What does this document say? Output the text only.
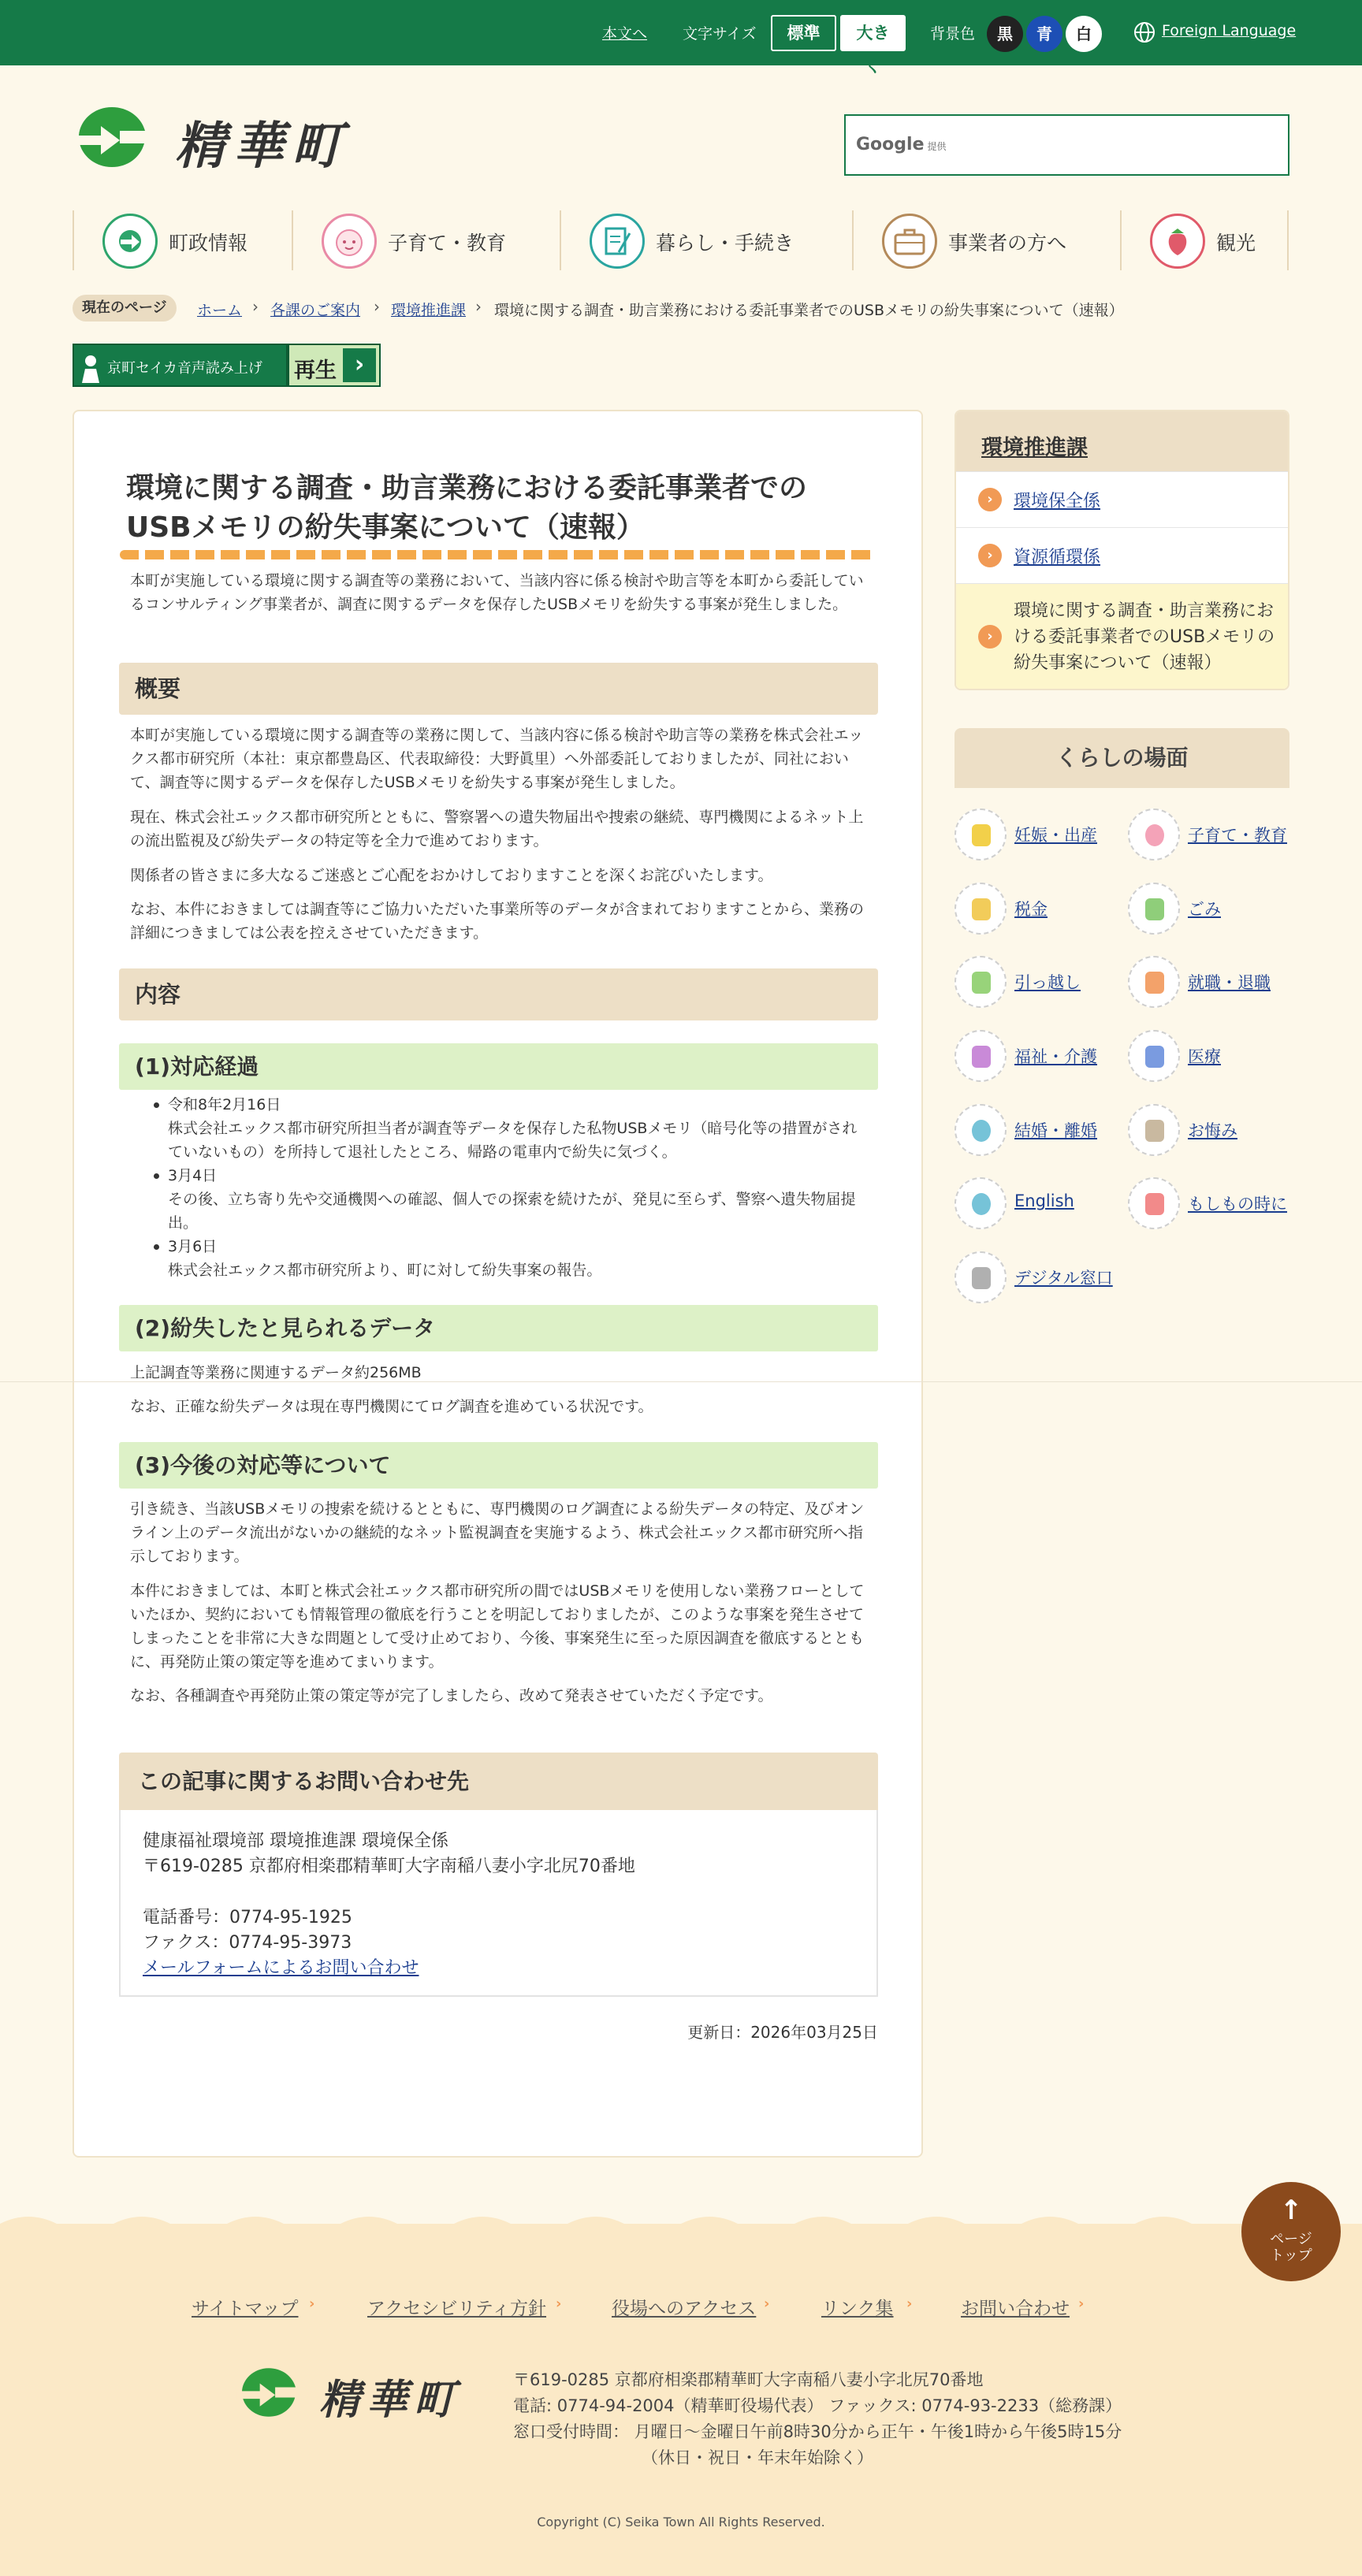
本文へ 文字サイズ	標準	大きく
背景色	黒	青	白	Foreign Language
精華町	Google 提供
町政情報	子育て・教育	暮らし・手続き	事業者の方へ	観光
現在のページ	ホーム › 各課のご案内 › 環境推進課 › 環境に関する調査・助言業務における委託事業者でのUSBメモリの紛失事案について（速報）
京町セイカ音声読み上げ 再生 ›
環境に関する調査・助言業務における委託事業者でのUSBメモリの紛失事案について（速報）

本町が実施している環境に関する調査等の業務において、当該内容に係る検討や助言等を本町から委託しているコンサルティング事業者が、調査に関するデータを保存したUSBメモリを紛失する事案が発生しました。

概要

本町が実施している環境に関する調査等の業務に関して、当該内容に係る検討や助言等の業務を株式会社エックス都市研究所（本社：東京都豊島区、代表取締役：大野眞里）へ外部委託しておりましたが、同社において、調査等に関するデータを保存したUSBメモリを紛失する事案が発生しました。

現在、株式会社エックス都市研究所とともに、警察署への遺失物届出や捜索の継続、専門機関によるネット上の流出監視及び紛失データの特定等を全力で進めております。

関係者の皆さまに多大なるご迷惑とご心配をおかけしておりますことを深くお詫びいたします。

なお、本件におきましては調査等にご協力いただいた事業所等のデータが含まれておりますことから、業務の詳細につきましては公表を控えさせていただきます。

内容
(1)対応経過
令和8年2月16日
株式会社エックス都市研究所担当者が調査等データを保存した私物USBメモリ（暗号化等の措置がされていないもの）を所持して退社したところ、帰路の電車内で紛失に気づく。
3月4日
その後、立ち寄り先や交通機関への確認、個人での探索を続けたが、発見に至らず、警察へ遺失物届提出。
3月6日
株式会社エックス都市研究所より、町に対して紛失事案の報告。
(2)紛失したと見られるデータ

上記調査等業務に関連するデータ約256MB

なお、正確な紛失データは現在専門機関にてログ調査を進めている状況です。

(3)今後の対応等について

引き続き、当該USBメモリの捜索を続けるとともに、専門機関のログ調査による紛失データの特定、及びオンライン上のデータ流出がないかの継続的なネット監視調査を実施するよう、株式会社エックス都市研究所へ指示しております。

本件におきましては、本町と株式会社エックス都市研究所の間ではUSBメモリを使用しない業務フローとしていたほか、契約においても情報管理の徹底を行うことを明記しておりましたが、このような事案を発生させてしまったことを非常に大きな問題として受け止めており、今後、事案発生に至った原因調査を徹底するとともに、再発防止策の策定等を進めてまいります。

なお、各種調査や再発防止策の策定等が完了しましたら、改めて発表させていただく予定です。

この記事に関するお問い合わせ先
健康福祉環境部 環境推進課 環境保全係
〒619-0285 京都府相楽郡精華町大字南稲八妻小字北尻70番地
電話番号：0774-95-1925
ファクス：0774-95-3973
メールフォームによるお問い合わせ
更新日：2026年03月25日
環境推進課
›	環境保全係
›	資源循環係
›
環境に関する調査・助言業務における委託事業者でのUSBメモリの紛失事案について（速報）
くらしの場面
妊娠・出産	子育て・教育
税金	ごみ
引っ越し	就職・退職
福祉・介護	医療
結婚・離婚	お悔み
English	もしもの時に
デジタル窓口
↑
ページ
トップ
サイトマップ ›	アクセシビリティ方針 ›	役場へのアクセス ›	リンク集 ›	お問い合わせ ›
精華町	〒619-0285 京都府相楽郡精華町大字南稲八妻小字北尻70番地
電話: 0774-94-2004（精華町役場代表） ファックス: 0774-93-2233（総務課）
窓口受付時間： 月曜日～金曜日午前8時30分から正午・午後1時から午後5時15分
（休日・祝日・年末年始除く）
Copyright (C) Seika Town All Rights Reserved.
